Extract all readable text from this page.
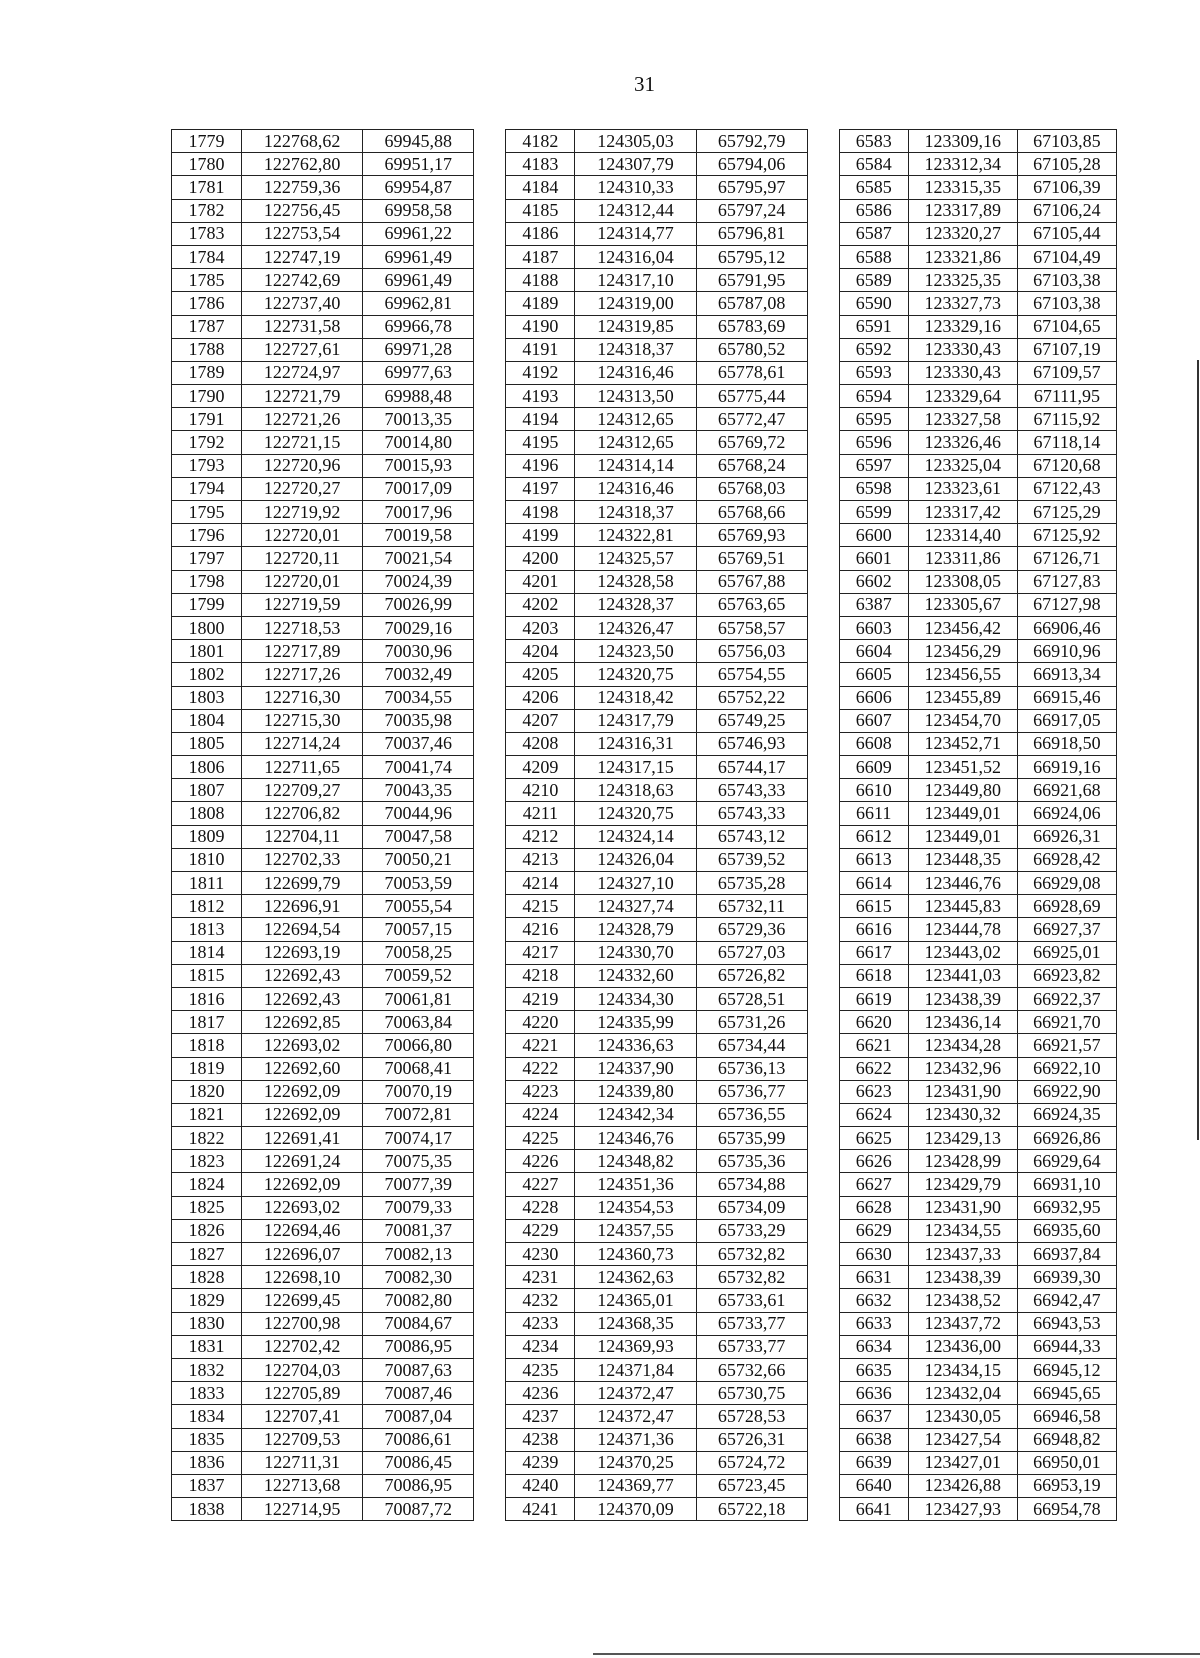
31
1779	122768,62	69945,88		4182	124305,03	65792,79		6583	123309,16	67103,85
1780	122762,80	69951,17		4183	124307,79	65794,06		6584	123312,34	67105,28
1781	122759,36	69954,87		4184	124310,33	65795,97		6585	123315,35	67106,39
1782	122756,45	69958,58		4185	124312,44	65797,24		6586	123317,89	67106,24
1783	122753,54	69961,22		4186	124314,77	65796,81		6587	123320,27	67105,44
1784	122747,19	69961,49		4187	124316,04	65795,12		6588	123321,86	67104,49
1785	122742,69	69961,49		4188	124317,10	65791,95		6589	123325,35	67103,38
1786	122737,40	69962,81		4189	124319,00	65787,08		6590	123327,73	67103,38
1787	122731,58	69966,78		4190	124319,85	65783,69		6591	123329,16	67104,65
1788	122727,61	69971,28		4191	124318,37	65780,52		6592	123330,43	67107,19
1789	122724,97	69977,63		4192	124316,46	65778,61		6593	123330,43	67109,57
1790	122721,79	69988,48		4193	124313,50	65775,44		6594	123329,64	67111,95
1791	122721,26	70013,35		4194	124312,65	65772,47		6595	123327,58	67115,92
1792	122721,15	70014,80		4195	124312,65	65769,72		6596	123326,46	67118,14
1793	122720,96	70015,93		4196	124314,14	65768,24		6597	123325,04	67120,68
1794	122720,27	70017,09		4197	124316,46	65768,03		6598	123323,61	67122,43
1795	122719,92	70017,96		4198	124318,37	65768,66		6599	123317,42	67125,29
1796	122720,01	70019,58		4199	124322,81	65769,93		6600	123314,40	67125,92
1797	122720,11	70021,54		4200	124325,57	65769,51		6601	123311,86	67126,71
1798	122720,01	70024,39		4201	124328,58	65767,88		6602	123308,05	67127,83
1799	122719,59	70026,99		4202	124328,37	65763,65		6387	123305,67	67127,98
1800	122718,53	70029,16		4203	124326,47	65758,57		6603	123456,42	66906,46
1801	122717,89	70030,96		4204	124323,50	65756,03		6604	123456,29	66910,96
1802	122717,26	70032,49		4205	124320,75	65754,55		6605	123456,55	66913,34
1803	122716,30	70034,55		4206	124318,42	65752,22		6606	123455,89	66915,46
1804	122715,30	70035,98		4207	124317,79	65749,25		6607	123454,70	66917,05
1805	122714,24	70037,46		4208	124316,31	65746,93		6608	123452,71	66918,50
1806	122711,65	70041,74		4209	124317,15	65744,17		6609	123451,52	66919,16
1807	122709,27	70043,35		4210	124318,63	65743,33		6610	123449,80	66921,68
1808	122706,82	70044,96		4211	124320,75	65743,33		6611	123449,01	66924,06
1809	122704,11	70047,58		4212	124324,14	65743,12		6612	123449,01	66926,31
1810	122702,33	70050,21		4213	124326,04	65739,52		6613	123448,35	66928,42
1811	122699,79	70053,59		4214	124327,10	65735,28		6614	123446,76	66929,08
1812	122696,91	70055,54		4215	124327,74	65732,11		6615	123445,83	66928,69
1813	122694,54	70057,15		4216	124328,79	65729,36		6616	123444,78	66927,37
1814	122693,19	70058,25		4217	124330,70	65727,03		6617	123443,02	66925,01
1815	122692,43	70059,52		4218	124332,60	65726,82		6618	123441,03	66923,82
1816	122692,43	70061,81		4219	124334,30	65728,51		6619	123438,39	66922,37
1817	122692,85	70063,84		4220	124335,99	65731,26		6620	123436,14	66921,70
1818	122693,02	70066,80		4221	124336,63	65734,44		6621	123434,28	66921,57
1819	122692,60	70068,41		4222	124337,90	65736,13		6622	123432,96	66922,10
1820	122692,09	70070,19		4223	124339,80	65736,77		6623	123431,90	66922,90
1821	122692,09	70072,81		4224	124342,34	65736,55		6624	123430,32	66924,35
1822	122691,41	70074,17		4225	124346,76	65735,99		6625	123429,13	66926,86
1823	122691,24	70075,35		4226	124348,82	65735,36		6626	123428,99	66929,64
1824	122692,09	70077,39		4227	124351,36	65734,88		6627	123429,79	66931,10
1825	122693,02	70079,33		4228	124354,53	65734,09		6628	123431,90	66932,95
1826	122694,46	70081,37		4229	124357,55	65733,29		6629	123434,55	66935,60
1827	122696,07	70082,13		4230	124360,73	65732,82		6630	123437,33	66937,84
1828	122698,10	70082,30		4231	124362,63	65732,82		6631	123438,39	66939,30
1829	122699,45	70082,80		4232	124365,01	65733,61		6632	123438,52	66942,47
1830	122700,98	70084,67		4233	124368,35	65733,77		6633	123437,72	66943,53
1831	122702,42	70086,95		4234	124369,93	65733,77		6634	123436,00	66944,33
1832	122704,03	70087,63		4235	124371,84	65732,66		6635	123434,15	66945,12
1833	122705,89	70087,46		4236	124372,47	65730,75		6636	123432,04	66945,65
1834	122707,41	70087,04		4237	124372,47	65728,53		6637	123430,05	66946,58
1835	122709,53	70086,61		4238	124371,36	65726,31		6638	123427,54	66948,82
1836	122711,31	70086,45		4239	124370,25	65724,72		6639	123427,01	66950,01
1837	122713,68	70086,95		4240	124369,77	65723,45		6640	123426,88	66953,19
1838	122714,95	70087,72		4241	124370,09	65722,18		6641	123427,93	66954,78
